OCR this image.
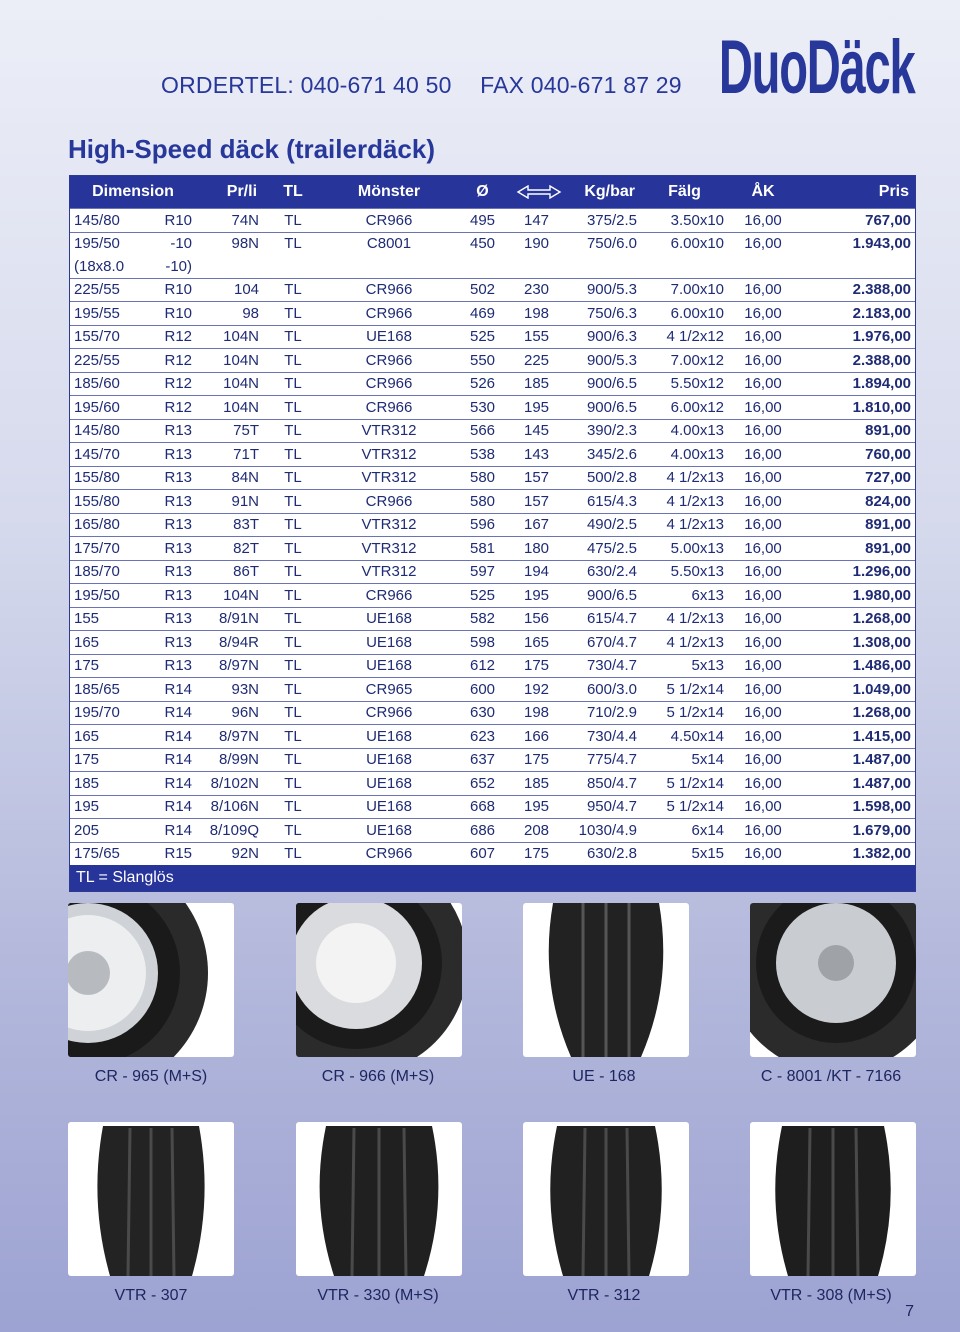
ORDERTEL: 040-671 40 50 FAX 040-671 87 29 DuoDäck
High-Speed däck (trailerdäck)
Dimension		Pr/li	TL	Mönster	Ø		Kg/bar	Fälg	ÅK	Pris
145/80	R10	74N	TL	CR966	495	147	375/2.5	3.50x10	16,00	767,00
195/50	-10	98N	TL	C8001	450	190	750/6.0	6.00x10	16,00	1.943,00
(18x8.0	-10)									
225/55	R10	104	TL	CR966	502	230	900/5.3	7.00x10	16,00	2.388,00
195/55	R10	98	TL	CR966	469	198	750/6.3	6.00x10	16,00	2.183,00
155/70	R12	104N	TL	UE168	525	155	900/6.3	4 1/2x12	16,00	1.976,00
225/55	R12	104N	TL	CR966	550	225	900/5.3	7.00x12	16,00	2.388,00
185/60	R12	104N	TL	CR966	526	185	900/6.5	5.50x12	16,00	1.894,00
195/60	R12	104N	TL	CR966	530	195	900/6.5	6.00x12	16,00	1.810,00
145/80	R13	75T	TL	VTR312	566	145	390/2.3	4.00x13	16,00	891,00
145/70	R13	71T	TL	VTR312	538	143	345/2.6	4.00x13	16,00	760,00
155/80	R13	84N	TL	VTR312	580	157	500/2.8	4 1/2x13	16,00	727,00
155/80	R13	91N	TL	CR966	580	157	615/4.3	4 1/2x13	16,00	824,00
165/80	R13	83T	TL	VTR312	596	167	490/2.5	4 1/2x13	16,00	891,00
175/70	R13	82T	TL	VTR312	581	180	475/2.5	5.00x13	16,00	891,00
185/70	R13	86T	TL	VTR312	597	194	630/2.4	5.50x13	16,00	1.296,00
195/50	R13	104N	TL	CR966	525	195	900/6.5	6x13	16,00	1.980,00
155	R13	8/91N	TL	UE168	582	156	615/4.7	4 1/2x13	16,00	1.268,00
165	R13	8/94R	TL	UE168	598	165	670/4.7	4 1/2x13	16,00	1.308,00
175	R13	8/97N	TL	UE168	612	175	730/4.7	5x13	16,00	1.486,00
185/65	R14	93N	TL	CR965	600	192	600/3.0	5 1/2x14	16,00	1.049,00
195/70	R14	96N	TL	CR966	630	198	710/2.9	5 1/2x14	16,00	1.268,00
165	R14	8/97N	TL	UE168	623	166	730/4.4	4.50x14	16,00	1.415,00
175	R14	8/99N	TL	UE168	637	175	775/4.7	5x14	16,00	1.487,00
185	R14	8/102N	TL	UE168	652	185	850/4.7	5 1/2x14	16,00	1.487,00
195	R14	8/106N	TL	UE168	668	195	950/4.7	5 1/2x14	16,00	1.598,00
205	R14	8/109Q	TL	UE168	686	208	1030/4.9	6x14	16,00	1.679,00
175/65	R15	92N	TL	CR966	607	175	630/2.8	5x15	16,00	1.382,00
TL = Slanglös										
CR - 965 (M+S)	CR - 966 (M+S)	UE - 168	C - 8001 /KT - 7166
VTR - 307	VTR - 330 (M+S)	VTR - 312	VTR - 308 (M+S)
7
